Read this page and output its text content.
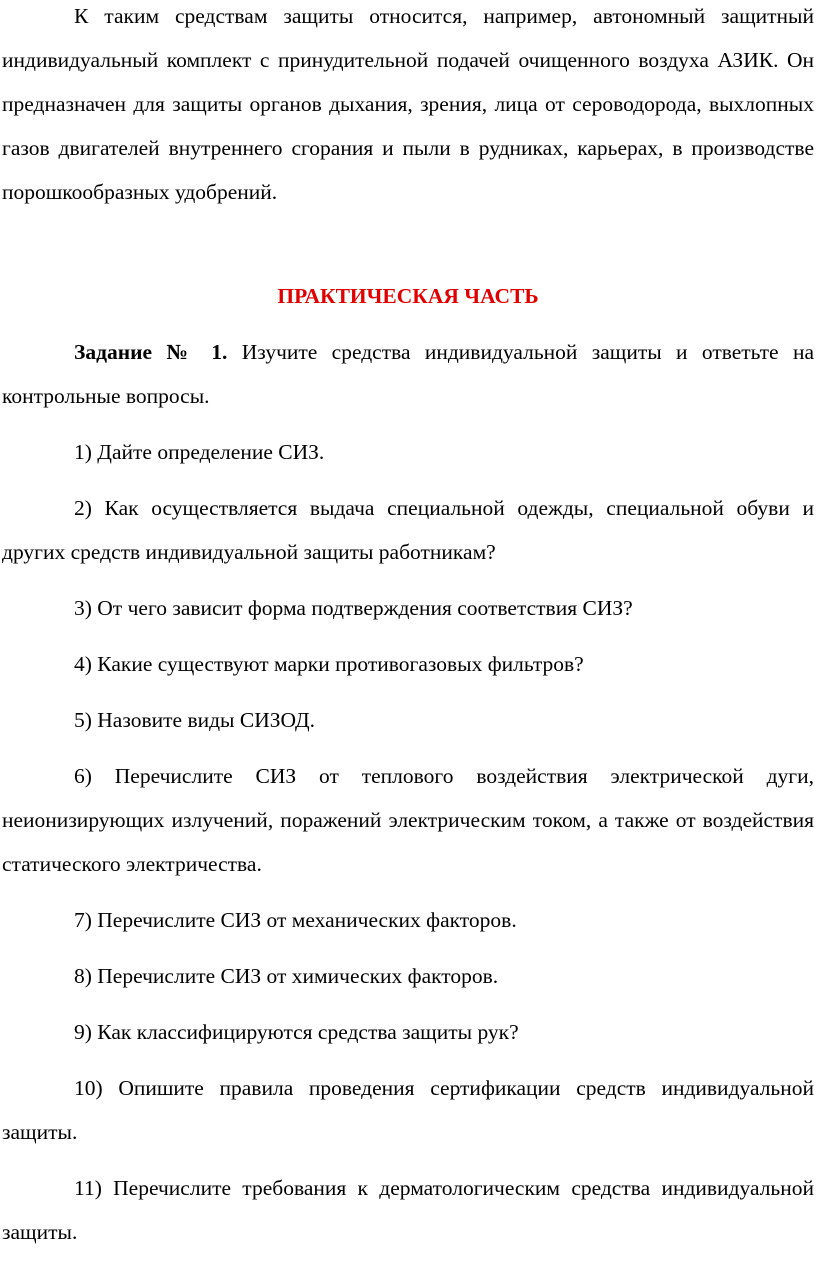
К таким средствам защиты относится, например, автономный защитный индивидуальный комплект с принудительной подачей очищенного воздуха АЗИК. Он предназначен для защиты органов дыхания, зрения, лица от сероводорода, выхлопных газов двигателей внутреннего сгорания и пыли в рудниках, карьерах, в производстве порошкообразных удобрений.

ПРАКТИЧЕСКАЯ ЧАСТЬ

Задание № 1. Изучите средства индивидуальной защиты и ответьте на контрольные вопросы.

1) Дайте определение СИЗ.

2) Как осуществляется выдача специальной одежды, специальной обуви и других средств индивидуальной защиты работникам?

3) От чего зависит форма подтверждения соответствия СИЗ?

4) Какие существуют марки противогазовых фильтров?

5) Назовите виды СИЗОД.

6) Перечислите СИЗ от теплового воздействия электрической дуги, неионизирующих излучений, поражений электрическим током, а также от воздействия статического электричества.

7) Перечислите СИЗ от механических факторов.

8) Перечислите СИЗ от химических факторов.

9) Как классифицируются средства защиты рук?

10) Опишите правила проведения сертификации средств индивидуальной защиты.

11) Перечислите требования к дерматологическим средства индивидуальной защиты.
